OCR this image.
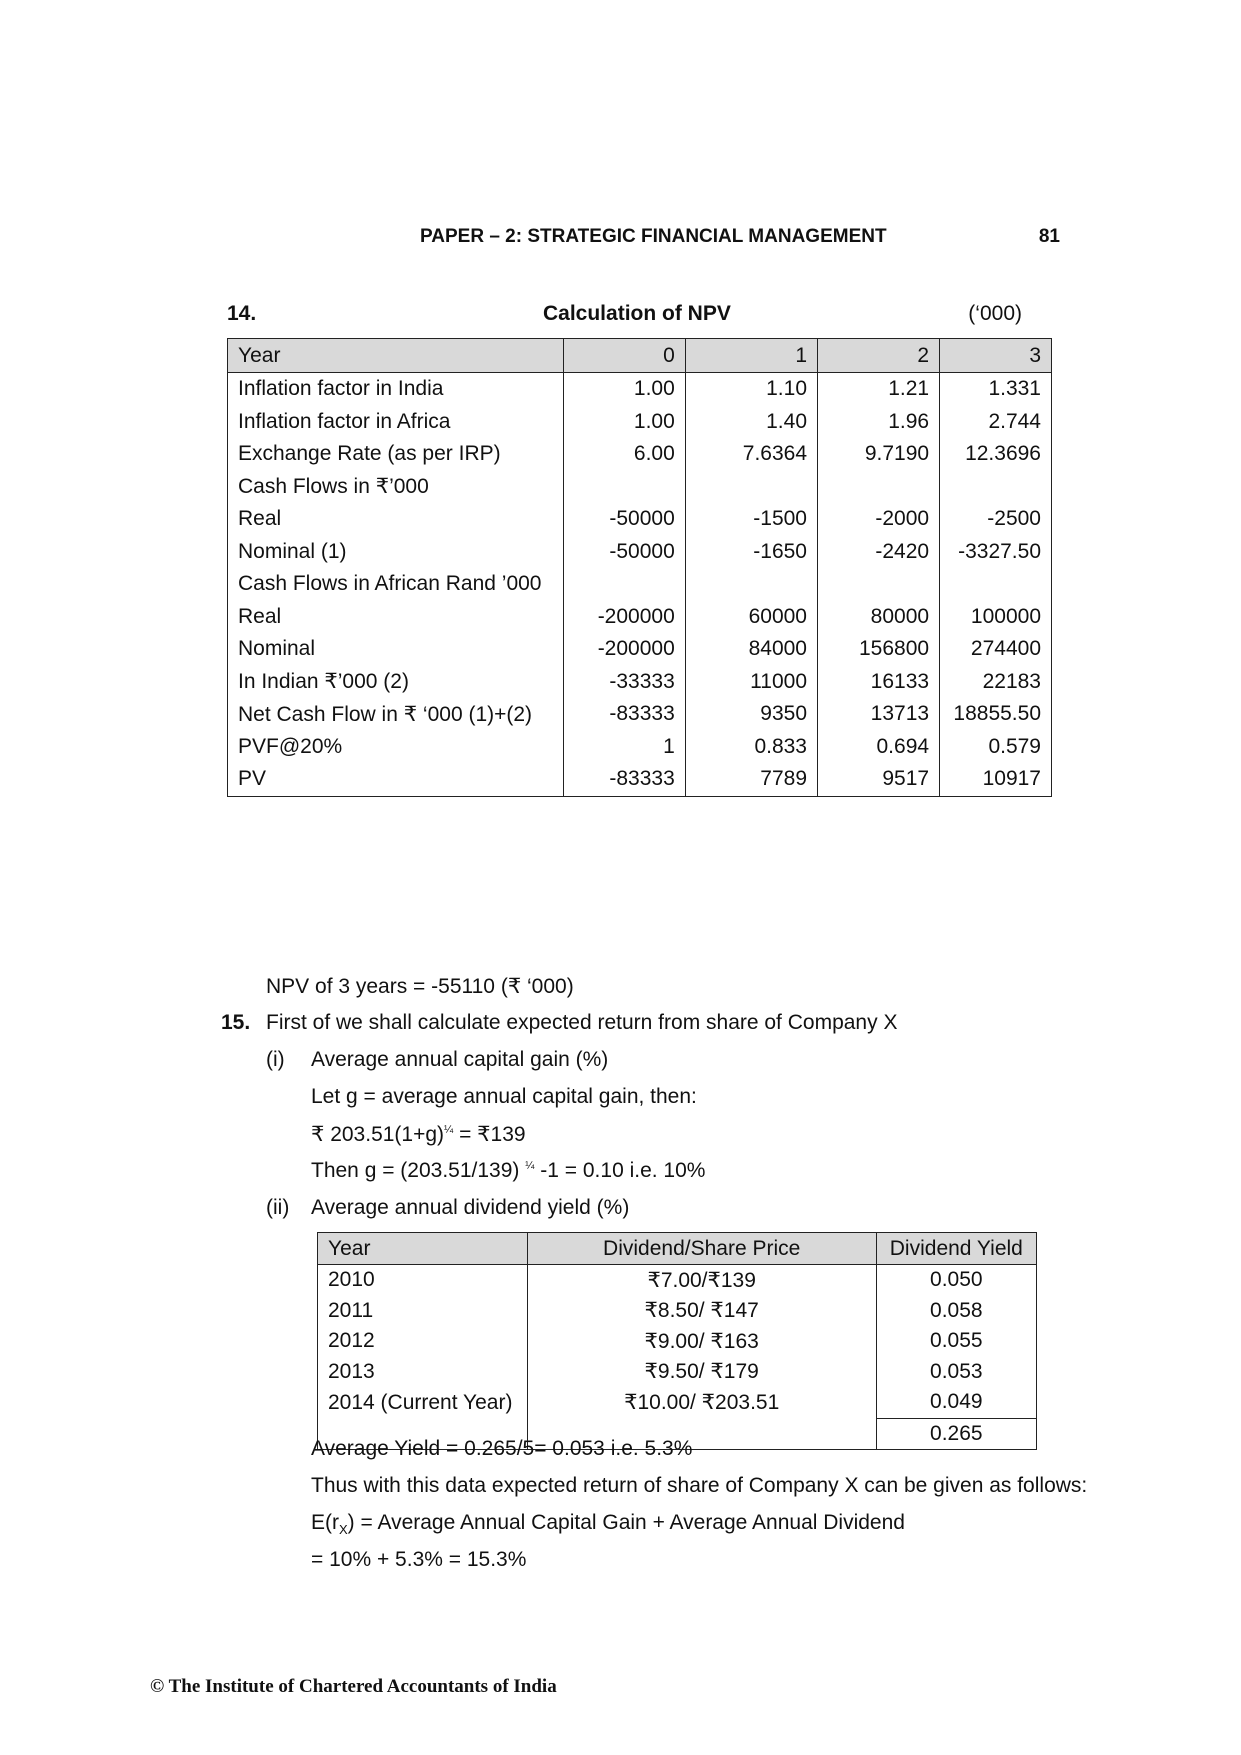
PAPER – 2: STRATEGIC FINANCIAL MANAGEMENT	81
14.	Calculation of NPV	(‘000)
Year	0	1	2	3
Inflation factor in India	1.00	1.10	1.21	1.331
Inflation factor in Africa	1.00	1.40	1.96	2.744
Exchange Rate (as per IRP)	6.00	7.6364	9.7190	12.3696
Cash Flows in ₹’000				
Real	-50000	-1500	-2000	-2500
Nominal (1)	-50000	-1650	-2420	-3327.50
Cash Flows in African Rand ’000				
Real	-200000	60000	80000	100000
Nominal	-200000	84000	156800	274400
In Indian ₹’000 (2)	-33333	11000	16133	22183
Net Cash Flow in ₹ ‘000 (1)+(2)	-83333	9350	13713	18855.50
PVF@20%	1	0.833	0.694	0.579
PV	-83333	7789	9517	10917
NPV of 3 years = -55110 (₹ ‘000)
15. First of we shall calculate expected return from share of Company X
(i) Average annual capital gain (%)
Let g = average annual capital gain, then:
₹ $203.51(1+g)^{\frac{1}{4}}$ = ₹139
Then g = (203.51/139) $^{\frac{1}{4}}$ -1 = 0.10 i.e. 10%
(ii) Average annual dividend yield (%)
Year	Dividend/Share Price	Dividend Yield
2010	₹7.00/₹139	0.050
2011	₹8.50/ ₹147	0.058
2012	₹9.00/ ₹163	0.055
2013	₹9.50/ ₹179	0.053
2014 (Current Year)	₹10.00/ ₹203.51	0.049
		0.265
Average Yield = 0.265/5= 0.053 i.e. 5.3%
Thus with this data expected return of share of Company X can be given as follows:
$E(r_X)$ = Average Annual Capital Gain + Average Annual Dividend
= 10% + 5.3% = 15.3%
© The Institute of Chartered Accountants of India
